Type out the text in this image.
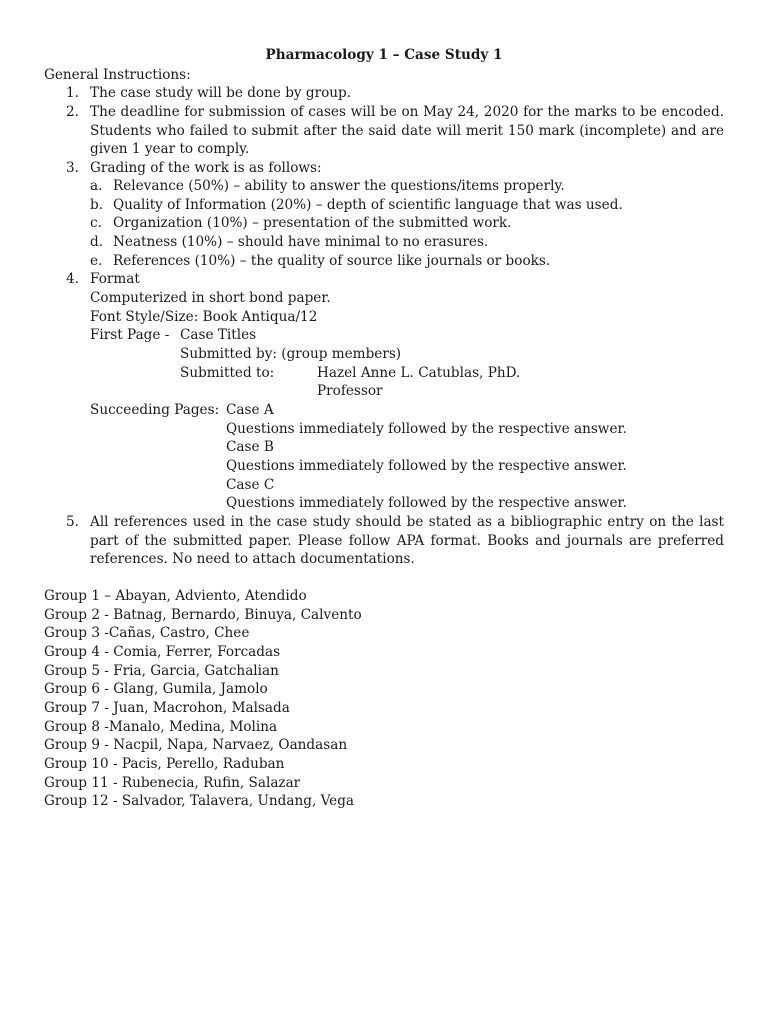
Pharmacology 1 – Case Study 1
General Instructions:
1. The case study will be done by group.
2. The deadline for submission of cases will be on May 24, 2020 for the marks to be encoded. Students who failed to submit after the said date will merit 150 mark (incomplete) and are given 1 year to comply.
3. Grading of the work is as follows:
a. Relevance (50%) – ability to answer the questions/items properly.
b. Quality of Information (20%) – depth of scientific language that was used.
c. Organization (10%) – presentation of the submitted work.
d. Neatness (10%) – should have minimal to no erasures.
e. References (10%) – the quality of source like journals or books.
4. Format
Computerized in short bond paper.
Font Style/Size: Book Antiqua/12
First Page - Case Titles
Submitted by: (group members)
Submitted to:	Hazel Anne L. Catublas, PhD.
Professor
Succeeding Pages: Case A
Questions immediately followed by the respective answer.
Case B
Questions immediately followed by the respective answer.
Case C
Questions immediately followed by the respective answer.
5. All references used in the case study should be stated as a bibliographic entry on the last part of the submitted paper. Please follow APA format. Books and journals are preferred references. No need to attach documentations.
Group 1 – Abayan, Adviento, Atendido
Group 2 - Batnag, Bernardo, Binuya, Calvento
Group 3 -Cañas, Castro, Chee
Group 4 - Comia, Ferrer, Forcadas
Group 5 - Fria, Garcia, Gatchalian
Group 6 - Glang, Gumila, Jamolo
Group 7 - Juan, Macrohon, Malsada
Group 8 -Manalo, Medina, Molina
Group 9 - Nacpil, Napa, Narvaez, Oandasan
Group 10 - Pacis, Perello, Raduban
Group 11 - Rubenecia, Rufin, Salazar
Group 12 - Salvador, Talavera, Undang, Vega
